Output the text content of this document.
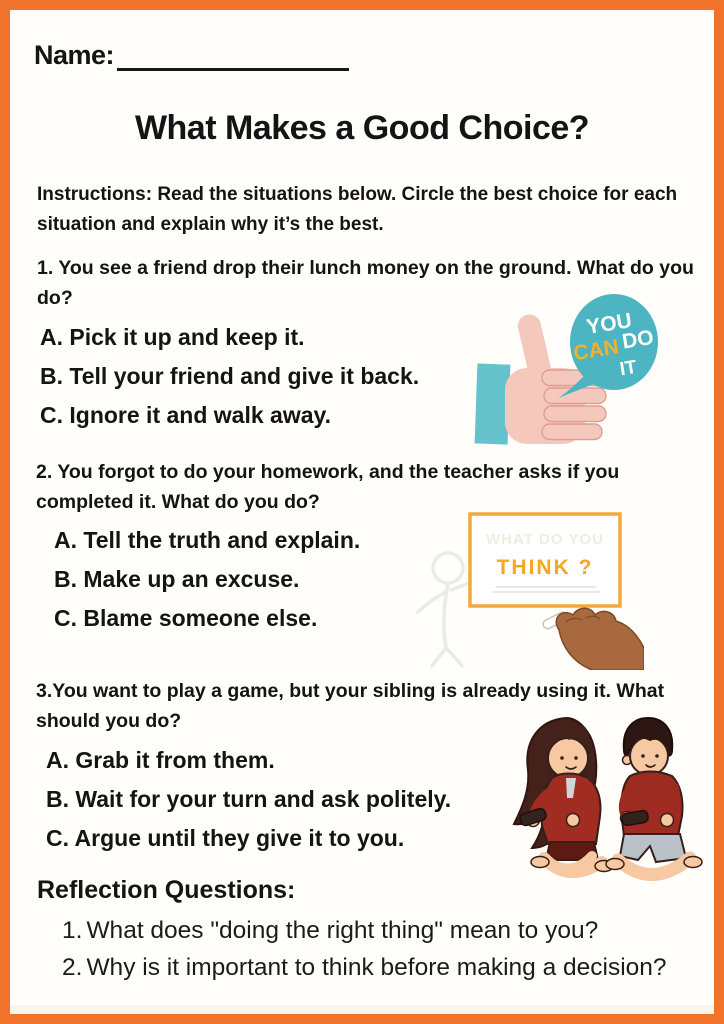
Name:
What Makes a Good Choice?
Instructions: Read the situations below. Circle the best choice for each situation and explain why it’s the best.
1. You see a friend drop their lunch money on the ground. What do you do?
A. Pick it up and keep it.
B. Tell your friend and give it back.
C. Ignore it and walk away.
YOU
CAN DO
IT
2. You forgot to do your homework, and the teacher asks if you completed it. What do you do?
A. Tell the truth and explain.
B. Make up an excuse.
C. Blame someone else.
WHAT DO YOU
THINK ?
3.You want to play a game, but your sibling is already using it. What should you do?
A. Grab it from them.
B. Wait for your turn and ask politely.
C. Argue until they give it to you.
Reflection Questions:
1. What does "doing the right thing" mean to you?
2. Why is it important to think before making a decision?
